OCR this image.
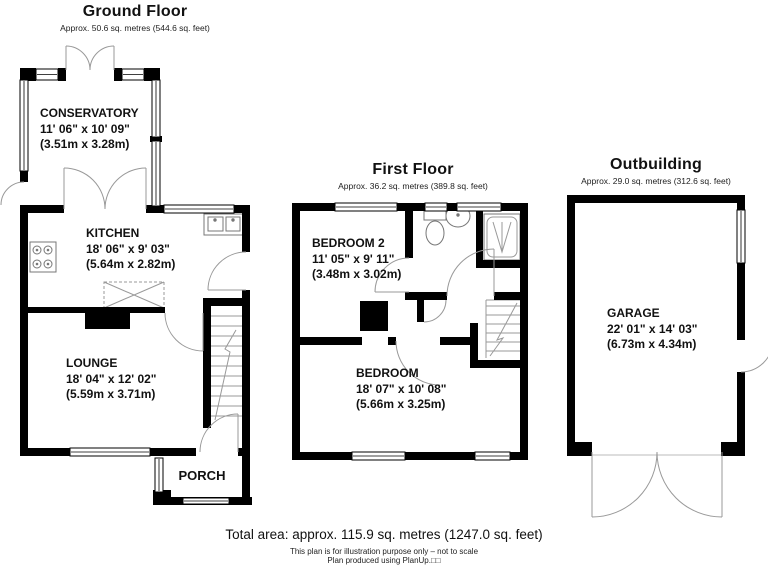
Ground Floor
Approx. 50.6 sq. metres (544.6 sq. feet)
First Floor
Approx. 36.2 sq. metres (389.8 sq. feet)
Outbuilding
Approx. 29.0 sq. metres (312.6 sq. feet)
CONSERVATORY
11' 06" x 10' 09"
(3.51m x 3.28m)
KITCHEN
18' 06" x 9' 03"
(5.64m x 2.82m)
LOUNGE
18' 04" x 12' 02"
(5.59m x 3.71m)
PORCH
BEDROOM 2
11' 05" x 9' 11"
(3.48m x 3.02m)
BEDROOM
18' 07" x 10' 08"
(5.66m x 3.25m)
GARAGE
22' 01" x 14' 03"
(6.73m x 4.34m)
Total area: approx. 115.9 sq. metres (1247.0 sq. feet)
This plan is for illustration purpose only – not to scale
Plan produced using PlanUp.□□
